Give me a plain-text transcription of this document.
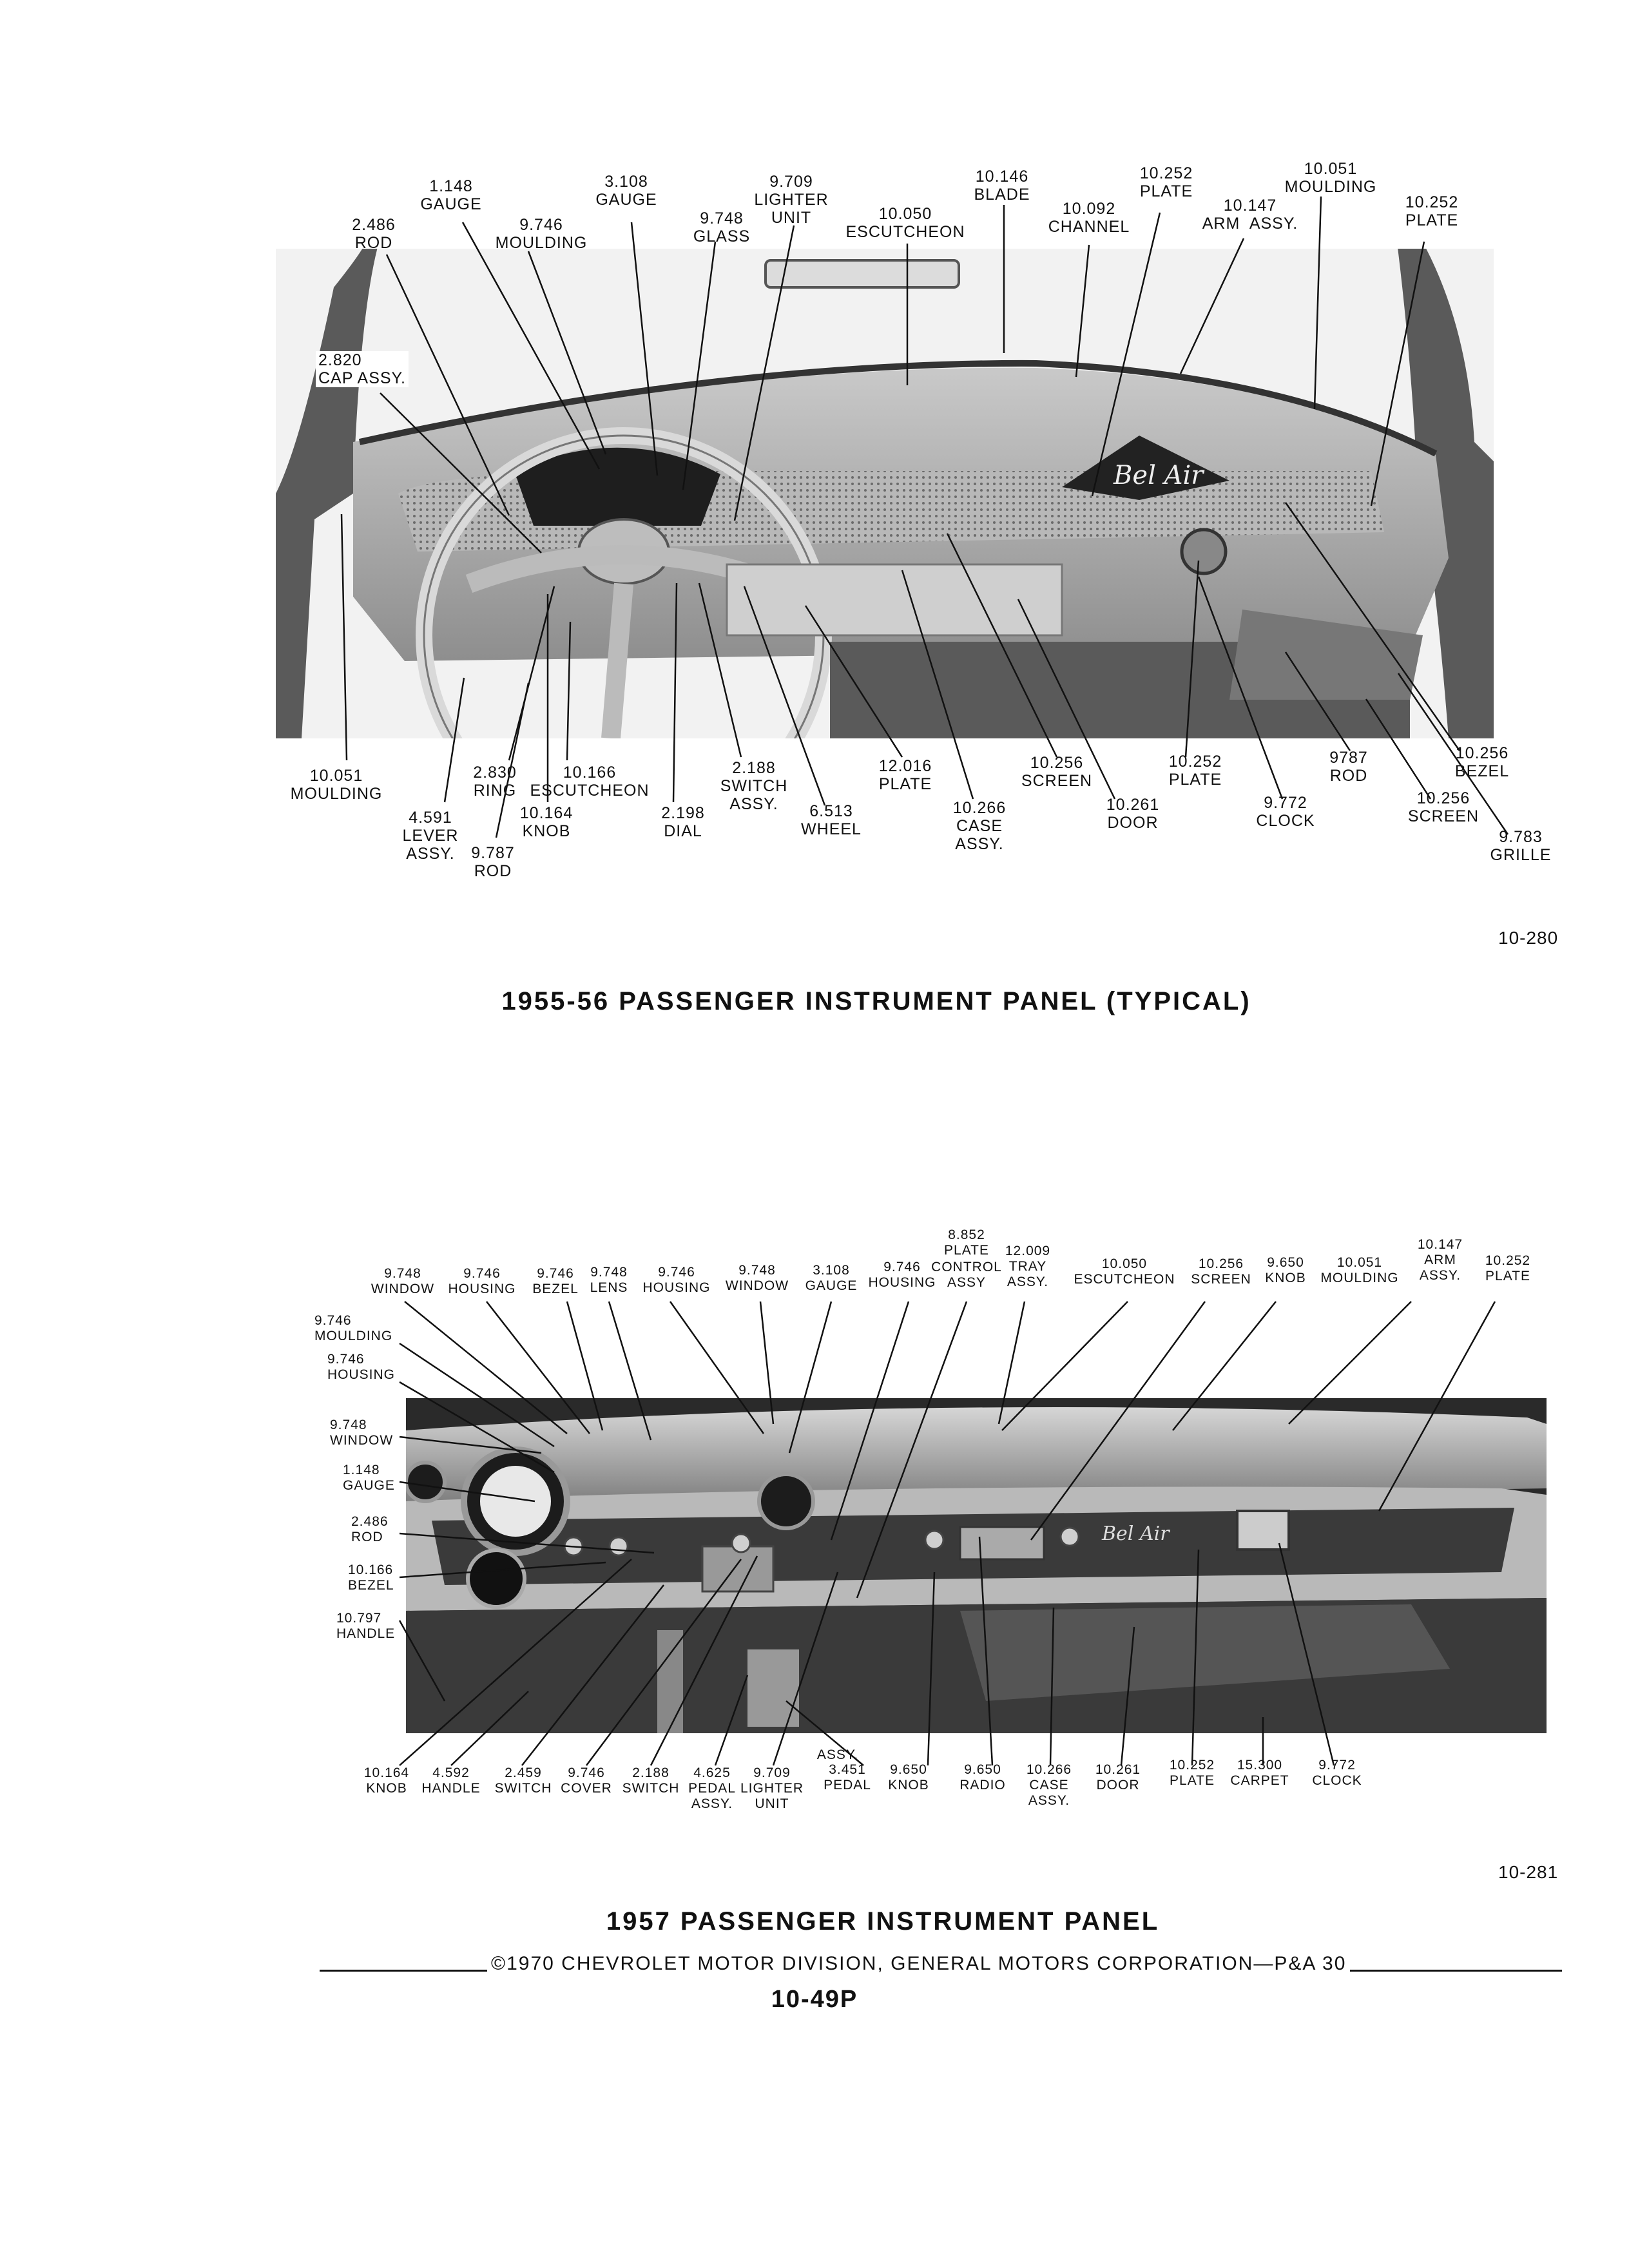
Bel Air
Bel Air
1.148
GAUGE
3.108
GAUGE
9.709
LIGHTER
UNIT
10.146
BLADE
10.252
PLATE
10.051
MOULDING
2.486
ROD
9.746
MOULDING
9.748
GLASS
10.050
ESCUTCHEON
10.092
CHANNEL
10.147
ARM  ASSY.
10.252
PLATE
2.820
CAP ASSY.
10.051
MOULDING
2.830
RING
10.166
ESCUTCHEON
2.188
SWITCH
ASSY.
12.016
PLATE
10.256
SCREEN
10.252
PLATE
9787
ROD
10.256
BEZEL
4.591
LEVER
ASSY.
10.164
KNOB
2.198
DIAL
6.513
WHEEL
10.266
CASE
ASSY.
10.261
DOOR
9.772
CLOCK
10.256
SCREEN
9.783
GRILLE
9.787
ROD
10-280
1955-56 PASSENGER INSTRUMENT PANEL (TYPICAL)
8.852
PLATE
9.748
WINDOW
9.746
HOUSING
9.746
BEZEL
9.748
LENS
9.746
HOUSING
9.748
WINDOW
3.108
GAUGE
9.746
HOUSING
CONTROL
ASSY
12.009
TRAY
ASSY.
10.050
ESCUTCHEON
10.256
SCREEN
9.650
KNOB
10.051
MOULDING
10.147
ARM
ASSY.
10.252
PLATE
9.746
MOULDING
9.746
HOUSING
9.748
WINDOW
1.148
GAUGE
2.486
ROD
10.166
BEZEL
10.797
HANDLE
10.164
KNOB
4.592
HANDLE
2.459
SWITCH
9.746
COVER
2.188
SWITCH
4.625
PEDAL
ASSY.
9.709
LIGHTER
UNIT
ASSY.
3.451
PEDAL
9.650
KNOB
9.650
RADIO
10.266
CASE
ASSY.
10.261
DOOR
10.252
PLATE
15.300
CARPET
9.772
CLOCK
10-281
1957 PASSENGER INSTRUMENT PANEL
©1970 CHEVROLET MOTOR DIVISION, GENERAL MOTORS CORPORATION—P&A 30
10-49P
